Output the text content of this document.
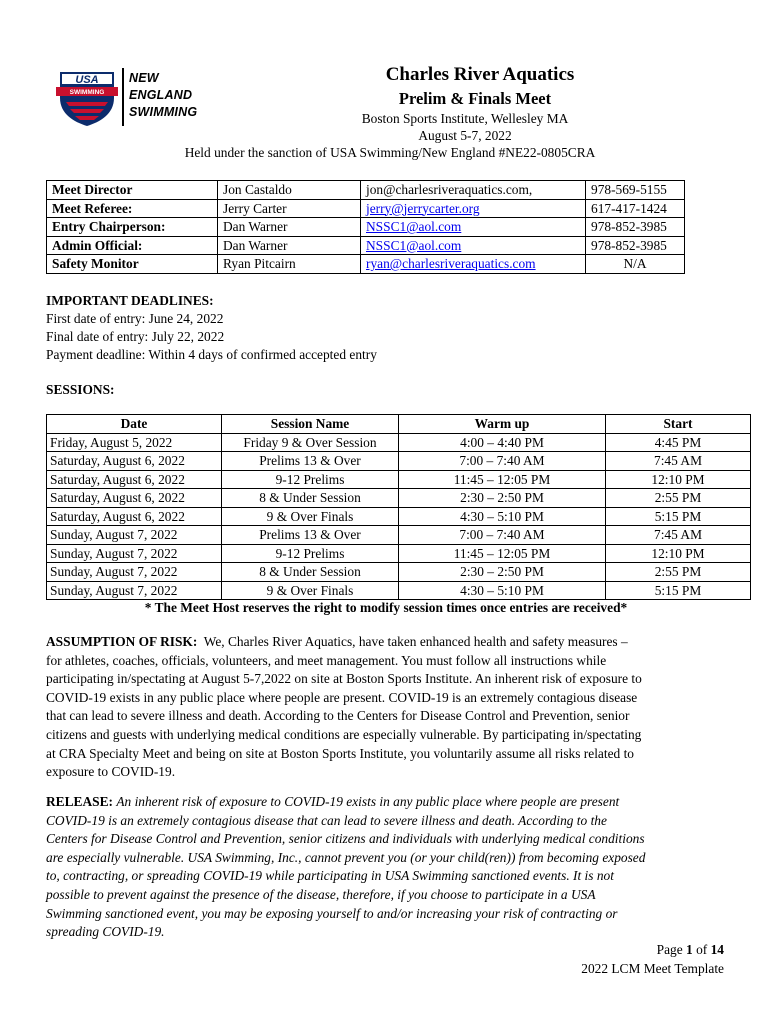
USA
SWIMMING
NEW
ENGLAND
SWIMMING
Charles River Aquatics
Prelim & Finals Meet
Boston Sports Institute, Wellesley MA
August 5-7, 2022
Held under the sanction of USA Swimming/New England #NE22-0805CRA
Meet Director	Jon Castaldo	jon@charlesriveraquatics.com,	978-569-5155
Meet Referee:	Jerry Carter	jerry@jerrycarter.org	617-417-1424
Entry Chairperson:	Dan Warner	NSSC1@aol.com	978-852-3985
Admin Official:	Dan Warner	NSSC1@aol.com	978-852-3985
Safety Monitor	Ryan Pitcairn	ryan@charlesriveraquatics.com	N/A
IMPORTANT DEADLINES:
First date of entry: June 24, 2022
Final date of entry: July 22, 2022
Payment deadline: Within 4 days of confirmed accepted entry
SESSIONS:
Date	Session Name	Warm up	Start
Friday, August 5, 2022	Friday 9 & Over Session	4:00 – 4:40 PM	4:45 PM
Saturday, August 6, 2022	Prelims 13 & Over	7:00 – 7:40 AM	7:45 AM
Saturday, August 6, 2022	9-12 Prelims	11:45 – 12:05 PM	12:10 PM
Saturday, August 6, 2022	8 & Under Session	2:30 – 2:50 PM	2:55 PM
Saturday, August 6, 2022	9 & Over Finals	4:30 – 5:10 PM	5:15 PM
Sunday, August 7, 2022	Prelims 13 & Over	7:00 – 7:40 AM	7:45 AM
Sunday, August 7, 2022	9-12 Prelims	11:45 – 12:05 PM	12:10 PM
Sunday, August 7, 2022	8 & Under Session	2:30 – 2:50 PM	2:55 PM
Sunday, August 7, 2022	9 & Over Finals	4:30 – 5:10 PM	5:15 PM
* The Meet Host reserves the right to modify session times once entries are received*
ASSUMPTION OF RISK: We, Charles River Aquatics, have taken enhanced health and safety measures –
for athletes, coaches, officials, volunteers, and meet management. You must follow all instructions while
participating in/spectating at August 5-7,2022 on site at Boston Sports Institute. An inherent risk of exposure to
COVID-19 exists in any public place where people are present. COVID-19 is an extremely contagious disease
that can lead to severe illness and death. According to the Centers for Disease Control and Prevention, senior
citizens and guests with underlying medical conditions are especially vulnerable. By participating in/spectating
at CRA Specialty Meet and being on site at Boston Sports Institute, you voluntarily assume all risks related to
exposure to COVID-19.
RELEASE: An inherent risk of exposure to COVID-19 exists in any public place where people are present
COVID-19 is an extremely contagious disease that can lead to severe illness and death. According to the
Centers for Disease Control and Prevention, senior citizens and individuals with underlying medical conditions
are especially vulnerable. USA Swimming, Inc., cannot prevent you (or your child(ren)) from becoming exposed
to, contracting, or spreading COVID-19 while participating in USA Swimming sanctioned events. It is not
possible to prevent against the presence of the disease, therefore, if you choose to participate in a USA
Swimming sanctioned event, you may be exposing yourself to and/or increasing your risk of contracting or
spreading COVID-19.
Page 1 of 14
2022 LCM Meet Template
